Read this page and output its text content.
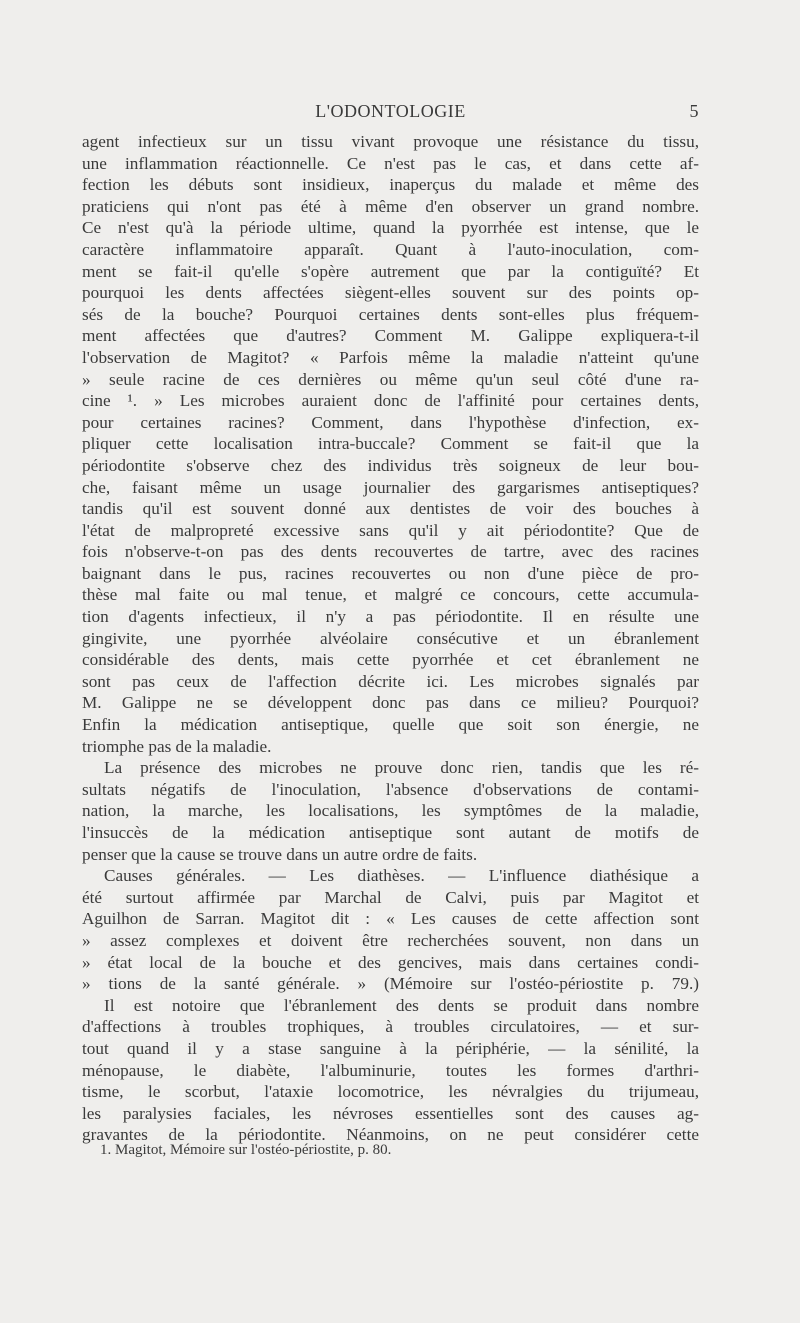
L'ODONTOLOGIE	5
agent infectieux sur un tissu vivant provoque une résistance du tissu,
une inflammation réactionnelle. Ce n'est pas le cas, et dans cette af-
fection les débuts sont insidieux, inaperçus du malade et même des
praticiens qui n'ont pas été à même d'en observer un grand nombre.
Ce n'est qu'à la période ultime, quand la pyorrhée est intense, que le
caractère inflammatoire apparaît. Quant à l'auto-inoculation, com-
ment se fait-il qu'elle s'opère autrement que par la contiguïté? Et
pourquoi les dents affectées siègent-elles souvent sur des points op-
sés de la bouche? Pourquoi certaines dents sont-elles plus fréquem-
ment affectées que d'autres? Comment M. Galippe expliquera-t-il
l'observation de Magitot? « Parfois même la maladie n'atteint qu'une
» seule racine de ces dernières ou même qu'un seul côté d'une ra-
cine ¹. » Les microbes auraient donc de l'affinité pour certaines dents,
pour certaines racines? Comment, dans l'hypothèse d'infection, ex-
pliquer cette localisation intra-buccale? Comment se fait-il que la
périodontite s'observe chez des individus très soigneux de leur bou-
che, faisant même un usage journalier des gargarismes antiseptiques?
tandis qu'il est souvent donné aux dentistes de voir des bouches à
l'état de malpropreté excessive sans qu'il y ait périodontite? Que de
fois n'observe-t-on pas des dents recouvertes de tartre, avec des racines
baignant dans le pus, racines recouvertes ou non d'une pièce de pro-
thèse mal faite ou mal tenue, et malgré ce concours, cette accumula-
tion d'agents infectieux, il n'y a pas périodontite. Il en résulte une
gingivite, une pyorrhée alvéolaire consécutive et un ébranlement
considérable des dents, mais cette pyorrhée et cet ébranlement ne
sont pas ceux de l'affection décrite ici. Les microbes signalés par
M. Galippe ne se développent donc pas dans ce milieu? Pourquoi?
Enfin la médication antiseptique, quelle que soit son énergie, ne
triomphe pas de la maladie.
La présence des microbes ne prouve donc rien, tandis que les ré-
sultats négatifs de l'inoculation, l'absence d'observations de contami-
nation, la marche, les localisations, les symptômes de la maladie,
l'insuccès de la médication antiseptique sont autant de motifs de
penser que la cause se trouve dans un autre ordre de faits.
Causes générales. — Les diathèses. — L'influence diathésique a
été surtout affirmée par Marchal de Calvi, puis par Magitot et
Aguilhon de Sarran. Magitot dit : « Les causes de cette affection sont
» assez complexes et doivent être recherchées souvent, non dans un
» état local de la bouche et des gencives, mais dans certaines condi-
» tions de la santé générale. » (Mémoire sur l'ostéo-périostite p. 79.)
Il est notoire que l'ébranlement des dents se produit dans nombre
d'affections à troubles trophiques, à troubles circulatoires, — et sur-
tout quand il y a stase sanguine à la périphérie, — la sénilité, la
ménopause, le diabète, l'albuminurie, toutes les formes d'arthri-
tisme, le scorbut, l'ataxie locomotrice, les névralgies du trijumeau,
les paralysies faciales, les névroses essentielles sont des causes ag-
gravantes de la périodontite. Néanmoins, on ne peut considérer cette
1. Magitot, Mémoire sur l'ostéo-périostite, p. 80.
